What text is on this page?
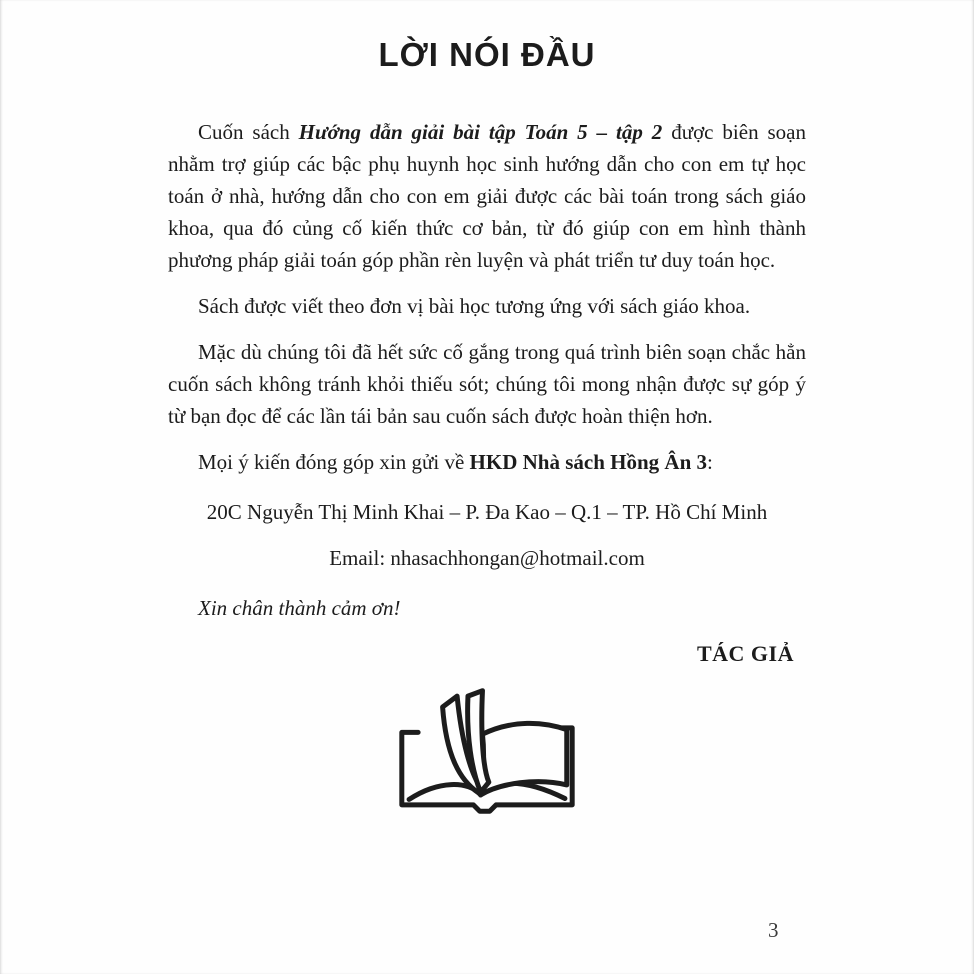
LỜI NÓI ĐẦU

Cuốn sách Hướng dẫn giải bài tập Toán 5 – tập 2 được biên soạn nhằm trợ giúp các bậc phụ huynh học sinh hướng dẫn cho con em tự học toán ở nhà, hướng dẫn cho con em giải được các bài toán trong sách giáo khoa, qua đó củng cố kiến thức cơ bản, từ đó giúp con em hình thành phương pháp giải toán góp phần rèn luyện và phát triển tư duy toán học.

Sách được viết theo đơn vị bài học tương ứng với sách giáo khoa.

Mặc dù chúng tôi đã hết sức cố gắng trong quá trình biên soạn chắc hẳn cuốn sách không tránh khỏi thiếu sót; chúng tôi mong nhận được sự góp ý từ bạn đọc để các lần tái bản sau cuốn sách được hoàn thiện hơn.

Mọi ý kiến đóng góp xin gửi về HKD Nhà sách Hồng Ân 3:

20C Nguyễn Thị Minh Khai – P. Đa Kao – Q.1 – TP. Hồ Chí Minh

Email: nhasachhongan@hotmail.com

Xin chân thành cảm ơn!

TÁC GIẢ

3
